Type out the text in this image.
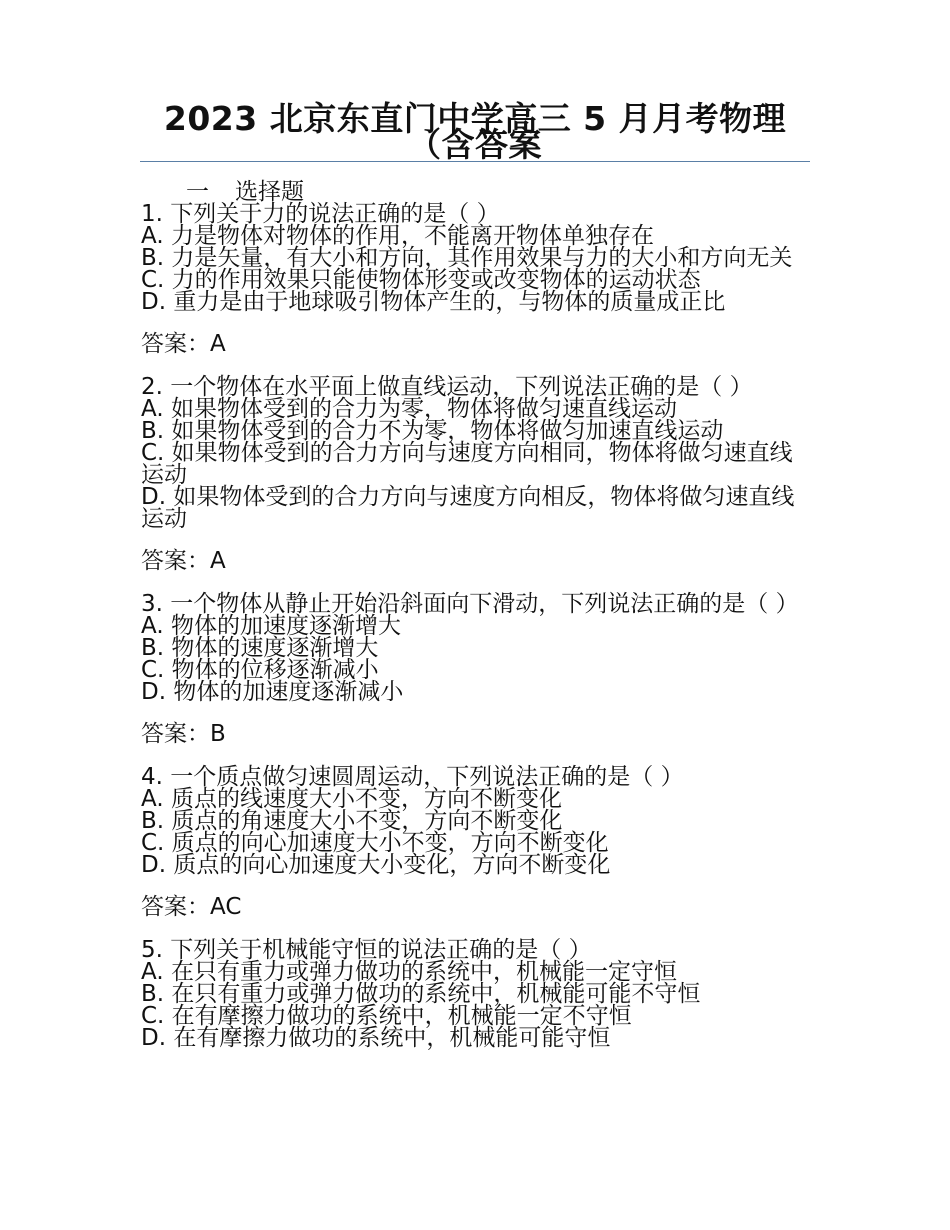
2023 北京东直门中学高三 5 月月考物理（含答案
一 选择题
1. 下列关于力的说法正确的是（ ）
A. 力是物体对物体的作用，不能离开物体单独存在
B. 力是矢量，有大小和方向，其作用效果与力的大小和方向无关
C. 力的作用效果只能使物体形变或改变物体的运动状态
D. 重力是由于地球吸引物体产生的，与物体的质量成正比
答案：A
2. 一个物体在水平面上做直线运动，下列说法正确的是（ ）
A. 如果物体受到的合力为零，物体将做匀速直线运动
B. 如果物体受到的合力不为零，物体将做匀加速直线运动
C. 如果物体受到的合力方向与速度方向相同，物体将做匀速直线运动
D. 如果物体受到的合力方向与速度方向相反，物体将做匀速直线运动
答案：A
3. 一个物体从静止开始沿斜面向下滑动，下列说法正确的是（ ）
A. 物体的加速度逐渐增大
B. 物体的速度逐渐增大
C. 物体的位移逐渐减小
D. 物体的加速度逐渐减小
答案：B
4. 一个质点做匀速圆周运动，下列说法正确的是（ ）
A. 质点的线速度大小不变，方向不断变化
B. 质点的角速度大小不变，方向不断变化
C. 质点的向心加速度大小不变，方向不断变化
D. 质点的向心加速度大小变化，方向不断变化
答案：AC
5. 下列关于机械能守恒的说法正确的是（ ）
A. 在只有重力或弹力做功的系统中，机械能一定守恒
B. 在只有重力或弹力做功的系统中，机械能可能不守恒
C. 在有摩擦力做功的系统中，机械能一定不守恒
D. 在有摩擦力做功的系统中，机械能可能守恒
